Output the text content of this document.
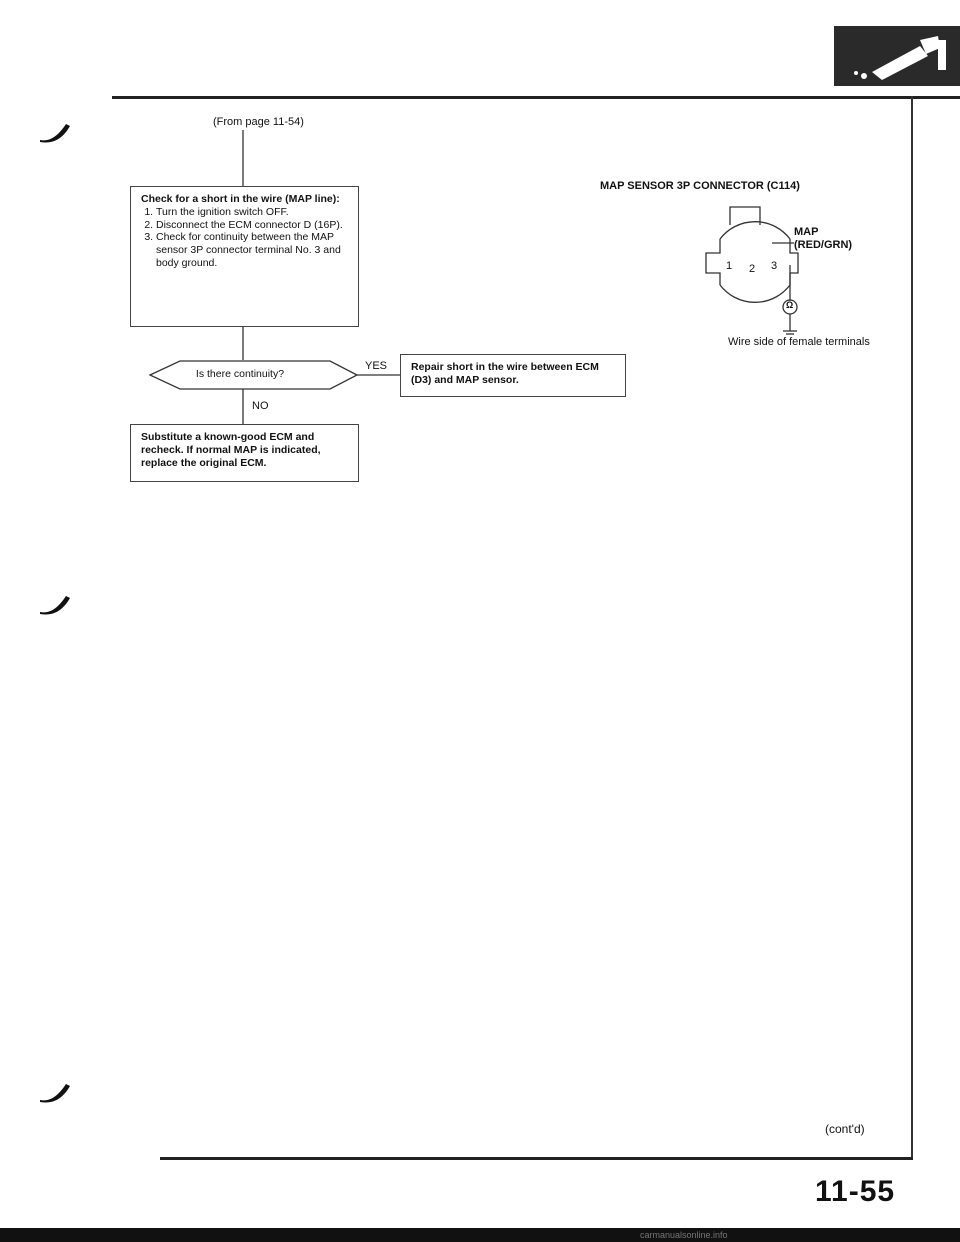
(From page 11-54)
Check for a short in the wire (MAP line):
1. Turn the ignition switch OFF.
2. Disconnect the ECM connector D (16P).
3. Check for continuity between the MAP sensor 3P connector terminal No. 3 and body ground.
Is there continuity?
YES
NO
Repair short in the wire between ECM (D3) and MAP sensor.
Substitute a known-good ECM and recheck. If normal MAP is indicated, replace the original ECM.
MAP SENSOR 3P CONNECTOR (C114)
1 2 3
Ω
MAP
(RED/GRN)
Wire side of female terminals
(cont'd)
11-55
carmanualsonline.info
